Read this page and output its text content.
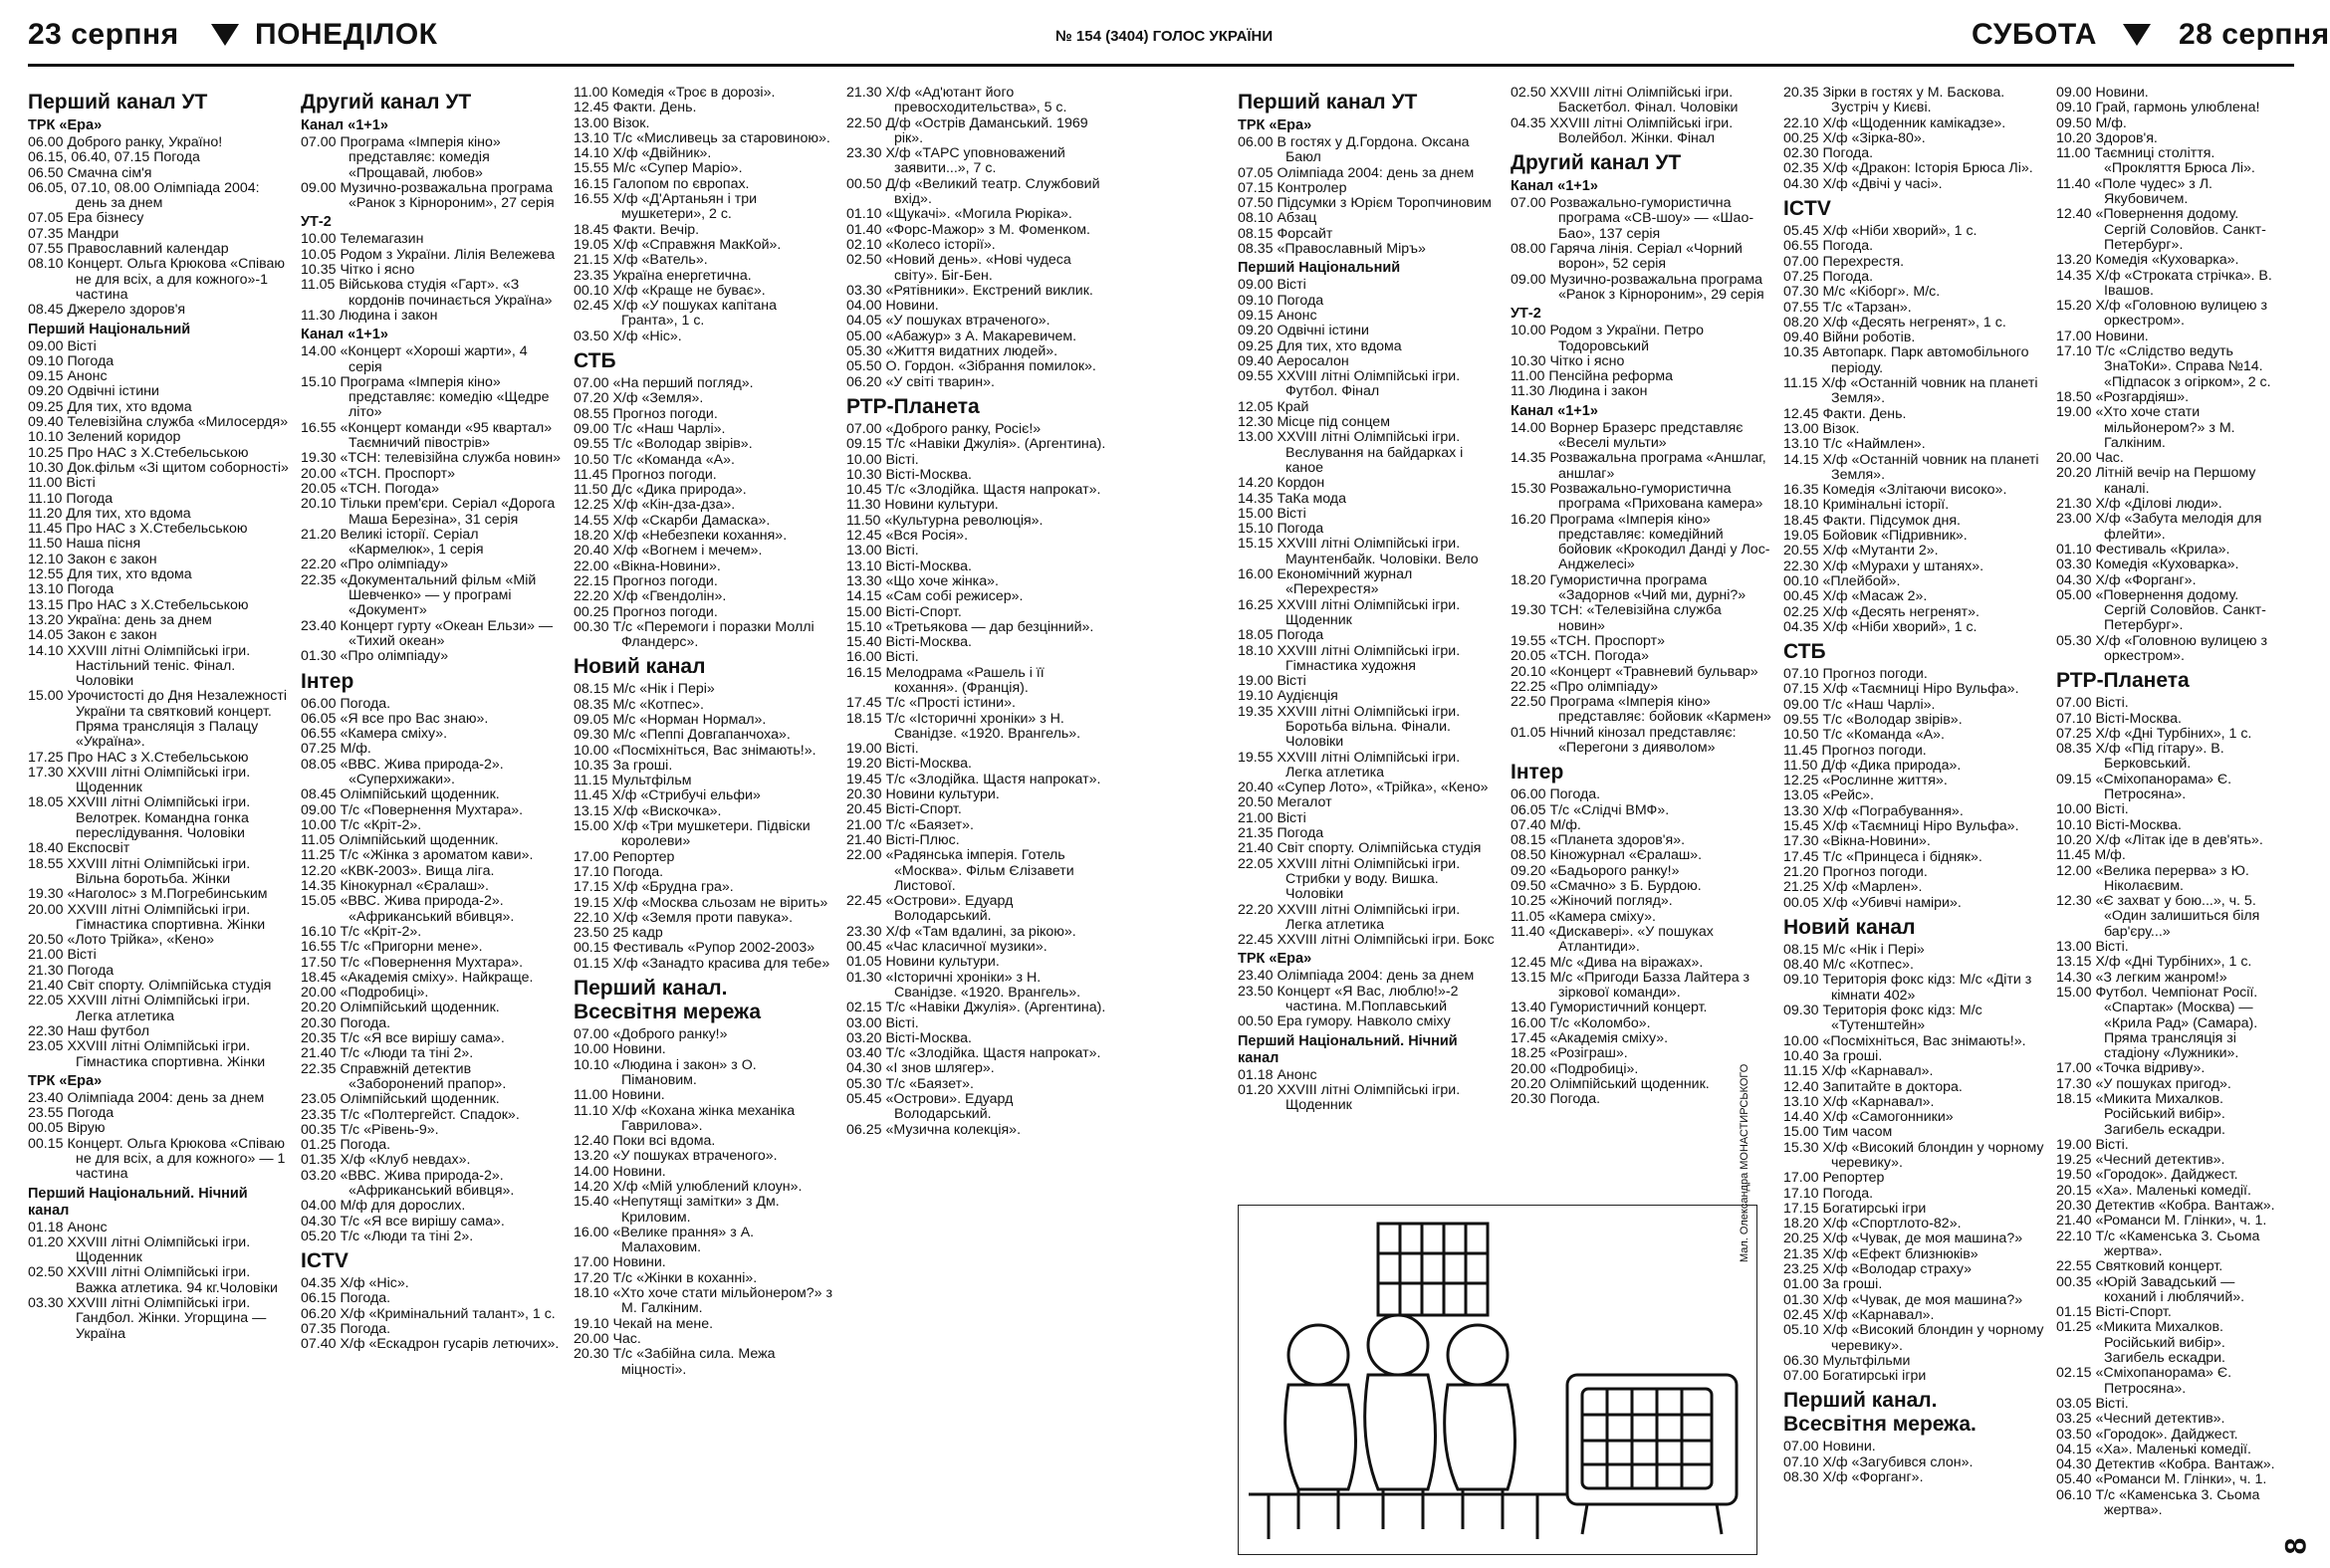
23 серпня	ПОНЕДІЛОК	№ 154 (3404) ГОЛОС УКРАЇНИ	СУБОТА	28 серпня
Перший канал УТ
ТРК «Ера»
06.00 Доброго ранку, Україно!
06.15, 06.40, 07.15 Погода
06.50 Смачна сім'я
06.05, 07.10, 08.00 Олімпіада 2004: день за днем
07.05 Ера бізнесу
07.35 Мандри
07.55 Православний календар
08.10 Концерт. Ольга Крюкова «Співаю не для всіх, а для кожного»-1 частина
08.45 Джерело здоров'я
Перший Національний
09.00 Вісті
09.10 Погода
09.15 Анонс
09.20 Одвічні істини
09.25 Для тих, хто вдома
09.40 Телевізійна служба «Милосердя»
10.10 Зелений коридор
10.25 Про НАС з Х.Стебельською
10.30 Док.фільм «Зі щитом соборності»
11.00 Вісті
11.10 Погода
11.20 Для тих, хто вдома
11.45 Про НАС з Х.Стебельською
11.50 Наша пісня
12.10 Закон є закон
12.55 Для тих, хто вдома
13.10 Погода
13.15 Про НАС з Х.Стебельською
13.20 Україна: день за днем
14.05 Закон є закон
14.10 XXVIII літні Олімпійські ігри. Настільний теніс. Фінал. Чоловіки
15.00 Урочистості до Дня Незалежності України та святковий концерт. Пряма трансляція з Палацу «Україна».
17.25 Про НАС з Х.Стебельською
17.30 XXVIII літні Олімпійські ігри. Щоденник
18.05 XXVIII літні Олімпійські ігри. Велотрек. Командна гонка переслідування. Чоловіки
18.40 Експосвіт
18.55 XXVIII літні Олімпійські ігри. Вільна боротьба. Жінки
19.30 «Наголос» з М.Погребинським
20.00 XXVIII літні Олімпійські ігри. Гімнастика спортивна. Жінки
20.50 «Лото Трійка», «Кено»
21.00 Вісті
21.30 Погода
21.40 Світ спорту. Олімпійська студія
22.05 XXVIII літні Олімпійські ігри. Легка атлетика
22.30 Наш футбол
23.05 XXVIII літні Олімпійські ігри. Гімнастика спортивна. Жінки
ТРК «Ера»
23.40 Олімпіада 2004: день за днем
23.55 Погода
00.05 Вірую
00.15 Концерт. Ольга Крюкова «Співаю не для всіх, а для кожного» — 1 частина
Перший Національний. Нічний канал
01.18 Анонс
01.20 XXVIII літні Олімпійські ігри. Щоденник
02.50 XXVIII літні Олімпійські ігри. Важка атлетика. 94 кг.Чоловіки
03.30 XXVIII літні Олімпійські ігри. Гандбол. Жінки. Угорщина — Україна
Другий канал УТ
Канал «1+1»
07.00 Програма «Імперія кіно» представляє: комедія «Прощавай, любов»
09.00 Музично-розважальна програма «Ранок з Кірнороним», 27 серія
УТ-2
10.00 Телемагазин
10.05 Родом з України. Лілія Вележева
10.35 Чітко і ясно
11.05 Військова студія «Гарт». «З кордонів починається Україна»
11.30 Людина і закон
Канал «1+1»
14.00 «Концерт «Хороші жарти», 4 серія
15.10 Програма «Імперія кіно» представляє: комедію «Щедре літо»
16.55 «Концерт команди «95 квартал» Таємничий півострів»
19.30 «ТСН: телевізійна служба новин»
20.00 «ТСН. Проспорт»
20.05 «ТСН. Погода»
20.10 Тільки прем'єри. Серіал «Дорога Маша Березіна», 31 серія
21.20 Великі історії. Серіал «Кармелюк», 1 серія
22.20 «Про олімпіаду»
22.35 «Документальний фільм «Мій Шевченко» — у програмі «Документ»
23.40 Концерт гурту «Океан Ельзи» — «Тихий океан»
01.30 «Про олімпіаду»
Інтер
06.00 Погода.
06.05 «Я все про Вас знаю».
06.55 «Камера сміху».
07.25 М/ф.
08.05 «ВВС. Жива природа-2». «Суперхижаки».
08.45 Олімпійський щоденник.
09.00 Т/с «Повернення Мухтара».
10.00 Т/с «Кріт-2».
11.05 Олімпійський щоденник.
11.25 Т/с «Жінка з ароматом кави».
12.20 «КВК-2003». Вища ліга.
14.35 Кінокурнал «Єралаш».
15.05 «ВВС. Жива природа-2». «Африканський вбивця».
16.10 Т/с «Кріт-2».
16.55 Т/с «Пригорни мене».
17.50 Т/с «Повернення Мухтара».
18.45 «Академія сміху». Найкраще.
20.00 «Подробиці».
20.20 Олімпійський щоденник.
20.30 Погода.
20.35 Т/с «Я все вирішу сама».
21.40 Т/с «Люди та тіні 2».
22.35 Справжній детектив «Заборонений прапор».
23.05 Олімпійський щоденник.
23.35 Т/с «Полтергейст. Спадок».
00.35 Т/с «Рівень-9».
01.25 Погода.
01.35 Х/ф «Клуб невдах».
03.20 «ВВС. Жива природа-2». «Африканський вбивця».
04.00 М/ф для дорослих.
04.30 Т/с «Я все вирішу сама».
05.20 Т/с «Люди та тіні 2».
ICTV
04.35 Х/ф «Ніс».
06.15 Погода.
06.20 Х/ф «Кримінальний талант», 1 с.
07.35 Погода.
07.40 Х/ф «Ескадрон гусарів летючих».
11.00 Комедія «Троє в дорозі».
12.45 Факти. День.
13.00 Візок.
13.10 Т/с «Мисливець за старовиною».
14.10 Х/ф «Двійник».
15.55 М/с «Супер Маріо».
16.15 Галопом по європах.
16.55 Х/ф «Д'Артаньян і три мушкетери», 2 с.
18.45 Факти. Вечір.
19.05 Х/ф «Справжня МакКой».
21.15 Х/ф «Ватель».
23.35 Україна енергетична.
00.10 Х/ф «Краще не буває».
02.45 Х/ф «У пошуках капітана Гранта», 1 с.
03.50 Х/ф «Ніс».
СТБ
07.00 «На перший погляд».
07.20 Х/ф «Земля».
08.55 Прогноз погоди.
09.00 Т/с «Наш Чарлі».
09.55 Т/с «Володар звірів».
10.50 Т/с «Команда «А».
11.45 Прогноз погоди.
11.50 Д/с «Дика природа».
12.25 Х/ф «Кін-дза-дза».
14.55 Х/ф «Скарби Дамаска».
18.20 Х/ф «Небезпеки кохання».
20.40 Х/ф «Вогнем і мечем».
22.00 «Вікна-Новини».
22.15 Прогноз погоди.
22.20 Х/ф «Гвендолін».
00.25 Прогноз погоди.
00.30 Т/с «Перемоги і поразки Моллі Фландерс».
Новий канал
08.15 М/с «Нік і Пері»
08.35 М/с «Котпес».
09.05 М/с «Норман Нормал».
09.30 М/с «Пеппі Довгапанчоха».
10.00 «Посміхніться, Вас знімають!».
10.35 За гроші.
11.15 Мультфільм
11.45 Х/ф «Стрибучі ельфи»
13.15 Х/ф «Вискочка».
15.00 Х/ф «Три мушкетери. Підвіски королеви»
17.00 Репортер
17.10 Погода.
17.15 Х/ф «Брудна гра».
19.15 Х/ф «Москва сльозам не вірить»
22.10 Х/ф «Земля проти павука».
23.50 25 кадр
00.15 Фестиваль «Рупор 2002-2003»
01.15 Х/ф «Занадто красива для тебе»
Перший канал. Всесвітня мережа
07.00 «Доброго ранку!»
10.00 Новини.
10.10 «Людина і закон» з О. Пімановим.
11.00 Новини.
11.10 Х/ф «Кохана жінка механіка Гаврилова».
12.40 Поки всі вдома.
13.20 «У пошуках втраченого».
14.00 Новини.
14.20 Х/ф «Мій улюблений клоун».
15.40 «Непутящі замітки» з Дм. Криловим.
16.00 «Велике прання» з А. Малаховим.
17.00 Новини.
17.20 Т/с «Жінки в коханні».
18.10 «Хто хоче стати мільйонером?» з М. Галкіним.
19.10 Чекай на мене.
20.00 Час.
20.30 Т/с «Забійна сила. Межа міцності».
21.30 Х/ф «Ад'ютант його превосходительства», 5 с.
22.50 Д/ф «Острів Даманський. 1969 рік».
23.30 Х/ф «ТАРС уповноважений заявити...», 7 с.
00.50 Д/ф «Великий театр. Службовий вхід».
01.10 «Щукачі». «Могила Рюріка».
01.40 «Форс-Мажор» з М. Фоменком.
02.10 «Колесо історії».
02.50 «Новий день». «Нові чудеса світу». Біг-Бен.
03.30 «Рятівники». Екстрений виклик.
04.00 Новини.
04.05 «У пошуках втраченого».
05.00 «Абажур» з А. Макаревичем.
05.30 «Життя видатних людей».
05.50 О. Гордон. «Зібрання помилок».
06.20 «У світі тварин».
РТР-Планета
07.00 «Доброго ранку, Росіє!»
09.15 Т/с «Навіки Джулія». (Аргентина).
10.00 Вісті.
10.30 Вісті-Москва.
10.45 Т/с «Злодійка. Щастя напрокат».
11.30 Новини культури.
11.50 «Культурна революція».
12.45 «Вся Росія».
13.00 Вісті.
13.10 Вісті-Москва.
13.30 «Що хоче жінка».
14.15 «Сам собі режисер».
15.00 Вісті-Спорт.
15.10 «Третьякова — дар безцінний».
15.40 Вісті-Москва.
16.00 Вісті.
16.15 Мелодрама «Рашель і її кохання». (Франція).
17.45 Т/с «Прості істини».
18.15 Т/с «Історичні хроніки» з Н. Сванідзе. «1920. Врангель».
19.00 Вісті.
19.20 Вісті-Москва.
19.45 Т/с «Злодійка. Щастя напрокат».
20.30 Новини культури.
20.45 Вісті-Спорт.
21.00 Т/с «Баязет».
21.40 Вісті-Плюс.
22.00 «Радянська імперія. Готель «Москва». Фільм Єлізавети Листової.
22.45 «Острови». Едуард Володарський.
23.30 Х/ф «Там вдалині, за рікою».
00.45 «Час класичної музики».
01.05 Новини культури.
01.30 «Історичні хроніки» з Н. Сванідзе. «1920. Врангель».
02.15 Т/с «Навіки Джулія». (Аргентина).
03.00 Вісті.
03.20 Вісті-Москва.
03.40 Т/с «Злодійка. Щастя напрокат».
04.30 «І знов шлягер».
05.30 Т/с «Баязет».
05.45 «Острови». Едуард Володарський.
06.25 «Музична колекція».
Перший канал УТ
ТРК «Ера»
06.00 В гостях у Д.Гордона. Оксана Баюл
07.05 Олімпіада 2004: день за днем
07.15 Контролер
07.50 Підсумки з Юрієм Торопчиновим
08.10 Абзац
08.15 Форсайт
08.35 «Православный Мiръ»
Перший Національний
09.00 Вісті
09.10 Погода
09.15 Анонс
09.20 Одвічні істини
09.25 Для тих, хто вдома
09.40 Аеросалон
09.55 XXVIII літні Олімпійські ігри. Футбол. Фінал
12.05 Край
12.30 Місце під сонцем
13.00 XXVIII літні Олімпійські ігри. Веслування на байдарках і каное
14.20 Кордон
14.35 ТаКа мода
15.00 Вісті
15.10 Погода
15.15 XXVIII літні Олімпійські ігри. Маунтенбайк. Чоловіки. Вело
16.00 Економічний журнал «Перехрестя»
16.25 XXVIII літні Олімпійські ігри. Щоденник
18.05 Погода
18.10 XXVIII літні Олімпійські ігри. Гімнастика художня
19.00 Вісті
19.10 Аудієнція
19.35 XXVIII літні Олімпійські ігри. Боротьба вільна. Фінали. Чоловіки
19.55 XXVIII літні Олімпійські ігри. Легка атлетика
20.40 «Супер Лото», «Трійка», «Кено»
20.50 Мегалот
21.00 Вісті
21.35 Погода
21.40 Світ спорту. Олімпійська студія
22.05 XXVIII літні Олімпійські ігри. Стрибки у воду. Вишка. Чоловіки
22.20 XXVIII літні Олімпійські ігри. Легка атлетика
22.45 XXVIII літні Олімпійські ігри. Бокс
ТРК «Ера»
23.40 Олімпіада 2004: день за днем
23.50 Концерт «Я Вас, люблю!»-2 частина. М.Поплавський
00.50 Ера гумору. Навколо сміху
Перший Національний. Нічний канал
01.18 Анонс
01.20 XXVIII літні Олімпійські ігри. Щоденник
02.50 XXVIII літні Олімпійські ігри. Баскетбол. Фінал. Чоловіки
04.35 XXVIII літні Олімпійські ігри. Волейбол. Жінки. Фінал
Другий канал УТ
Канал «1+1»
07.00 Розважально-гумористична програма «СВ-шоу» — «Шао-Бао», 137 серія
08.00 Гаряча лінія. Серіал «Чорний ворон», 52 серія
09.00 Музично-розважальна програма «Ранок з Кірнороним», 29 серія
УТ-2
10.00 Родом з України. Петро Тодоровський
10.30 Чітко і ясно
11.00 Пенсійна реформа
11.30 Людина і закон
Канал «1+1»
14.00 Ворнер Бразерс представляє «Веселі мульти»
14.35 Розважальна програма «Аншлаг, аншлаг»
15.30 Розважально-гумористична програма «Прихована камера»
16.20 Програма «Імперія кіно» представляє: комедійний бойовик «Крокодил Данді у Лос-Анджелесі»
18.20 Гумористична програма «Задорнов «Чий ми, дурні?»
19.30 ТСН: «Телевізійна служба новин»
19.55 «ТСН. Проспорт»
20.05 «ТСН. Погода»
20.10 «Концерт «Травневий бульвар»
22.25 «Про олімпіаду»
22.50 Програма «Імперія кіно» представляє: бойовик «Кармен»
01.05 Нічний кінозал представляє: «Перегони з дияволом»
Інтер
06.00 Погода.
06.05 Т/с «Слідчі ВМФ».
07.40 М/ф.
08.15 «Планета здоров'я».
08.50 Кіножурнал «Єралаш».
09.20 «Бадьорого ранку!»
09.50 «Смачно» з Б. Бурдою.
10.25 «Жіночий погляд».
11.05 «Камера сміху».
11.40 «Дискавері». «У пошуках Атлантиди».
12.45 М/с «Дива на віражах».
13.15 М/с «Пригоди Базза Лайтера з зіркової команди».
13.40 Гумористичний концерт.
16.00 Т/с «Коломбо».
17.45 «Академія сміху».
18.25 «Розіграш».
20.00 «Подробиці».
20.20 Олімпійський щоденник.
20.30 Погода.
20.35 Зірки в гостях у М. Баскова. Зустріч у Києві.
22.10 Х/ф «Щоденник камікадзе».
00.25 Х/ф «Зірка-80».
02.30 Погода.
02.35 Х/ф «Дракон: Історія Брюса Лі».
04.30 Х/ф «Двічі у часі».
ICTV
05.45 Х/ф «Ніби хворий», 1 с.
06.55 Погода.
07.00 Перехрестя.
07.25 Погода.
07.30 М/с «Кіборг». М/с.
07.55 Т/с «Тарзан».
08.20 Х/ф «Десять негренят», 1 с.
09.40 Війни роботів.
10.35 Автопарк. Парк автомобільного періоду.
11.15 Х/ф «Останній човник на планеті Земля».
12.45 Факти. День.
13.00 Візок.
13.10 Т/с «Наймлен».
14.15 Х/ф «Останній човник на планеті Земля».
16.35 Комедія «Злітаючи високо».
18.10 Кримінальні історії.
18.45 Факти. Підсумок дня.
19.05 Бойовик «Підривник».
20.55 Х/ф «Мутанти 2».
22.30 Х/ф «Мурахи у штанях».
00.10 «Плейбой».
00.45 Х/ф «Масаж 2».
02.25 Х/ф «Десять негренят».
04.35 Х/ф «Ніби хворий», 1 с.
СТБ
07.10 Прогноз погоди.
07.15 Х/ф «Таємниці Ніро Вульфа».
09.00 Т/с «Наш Чарлі».
09.55 Т/с «Володар звірів».
10.50 Т/с «Команда «А».
11.45 Прогноз погоди.
11.50 Д/ф «Дика природа».
12.25 «Рослинне життя».
13.05 «Рейс».
13.30 Х/ф «Пограбування».
15.45 Х/ф «Таємниці Ніро Вульфа».
17.30 «Вікна-Новини».
17.45 Т/с «Принцеса і бідняк».
21.20 Прогноз погоди.
21.25 Х/ф «Марлен».
00.05 Х/ф «Убивчі наміри».
Новий канал
08.15 М/с «Нік і Пері»
08.40 М/с «Котпес».
09.10 Територія фокс кідз: М/с «Діти з кімнати 402»
09.30 Територія фокс кідз: М/с «Тутенштейн»
10.00 «Посміхніться, Вас знімають!».
10.40 За гроші.
11.15 Х/ф «Карнавал».
12.40 Запитайте в доктора.
13.10 Х/ф «Карнавал».
14.40 Х/ф «Самогонники»
15.00 Тим часом
15.30 Х/ф «Високий блондин у чорному черевику».
17.00 Репортер
17.10 Погода.
17.15 Богатирські ігри
18.20 Х/ф «Спортлото-82».
20.25 Х/ф «Чувак, де моя машина?»
21.35 Х/ф «Ефект близнюків»
23.25 Х/ф «Володар страху»
01.00 За гроші.
01.30 Х/ф «Чувак, де моя машина?»
02.45 Х/ф «Карнавал».
05.10 Х/ф «Високий блондин у чорному черевику».
06.30 Мультфільми
07.00 Богатирські ігри
Перший канал. Всесвітня мережа.
07.00 Новини.
07.10 Х/ф «Загубився слон».
08.30 Х/ф «Форганг».
09.00 Новини.
09.10 Грай, гармонь улюблена!
09.50 М/ф.
10.20 Здоров'я.
11.00 Таємниці століття. «Прокляття Брюса Лі».
11.40 «Поле чудес» з Л. Якубовичем.
12.40 «Повернення додому. Сергій Соловйов. Санкт-Петербург».
13.20 Комедія «Куховарка».
14.35 Х/ф «Строката стрічка». В. Івашов.
15.20 Х/ф «Головною вулицею з оркестром».
17.00 Новини.
17.10 Т/с «Слідство ведуть ЗнаТоКи». Справа №14. «Підпасок з огірком», 2 с.
18.50 «Розгардіяш».
19.00 «Хто хоче стати мільйонером?» з М. Галкіним.
20.00 Час.
20.20 Літній вечір на Першому каналі.
21.30 Х/ф «Ділові люди».
23.00 Х/ф «Забута мелодія для флейти».
01.10 Фестиваль «Крила».
03.30 Комедія «Куховарка».
04.30 Х/ф «Форганг».
05.00 «Повернення додому. Сергій Соловйов. Санкт-Петербург».
05.30 Х/ф «Головною вулицею з оркестром».
РТР-Планета
07.00 Вісті.
07.10 Вісті-Москва.
07.25 Х/ф «Дні Турбіних», 1 с.
08.35 Х/ф «Під гітару». В. Берковський.
09.15 «Сміхопанорама» Є. Петросяна».
10.00 Вісті.
10.10 Вісті-Москва.
10.20 Х/ф «Літак іде в дев'ять».
11.45 М/ф.
12.00 «Велика перерва» з Ю. Ніколаєвим.
12.30 «Є захват у бою...», ч. 5. «Один залишиться біля бар'єру...»
13.00 Вісті.
13.15 Х/ф «Дні Турбіних», 1 с.
14.30 «З легким жанром!»
15.00 Футбол. Чемпіонат Росії. «Спартак» (Москва) — «Крила Рад» (Самара). Пряма трансляція зі стадіону «Лужники».
17.00 «Точка відриву».
17.30 «У пошуках пригод».
18.15 «Микита Михалков. Російський вибір». Загибель ескадри.
19.00 Вісті.
19.25 «Чесний детектив».
19.50 «Городок». Дайджест.
20.15 «Ха». Маленькі комедії.
20.30 Детектив «Кобра. Вантаж».
21.40 «Романси М. Глінки», ч. 1.
22.10 Т/с «Каменська 3. Сьома жертва».
22.55 Святковий концерт.
00.35 «Юрій Завадський — коханий і люблячий».
01.15 Вісті-Спорт.
01.25 «Микита Михалков. Російський вибір». Загибель ескадри.
02.15 «Сміхопанорама» Є. Петросяна».
03.05 Вісті.
03.25 «Чесний детектив».
03.50 «Городок». Дайджест.
04.15 «Ха». Маленькі комедії.
04.30 Детектив «Кобра. Вантаж».
05.40 «Романси М. Глінки», ч. 1.
06.10 Т/с «Каменська 3. Сьома жертва».
Мал. Олександра МОНАСТИРСЬКОГО
8
